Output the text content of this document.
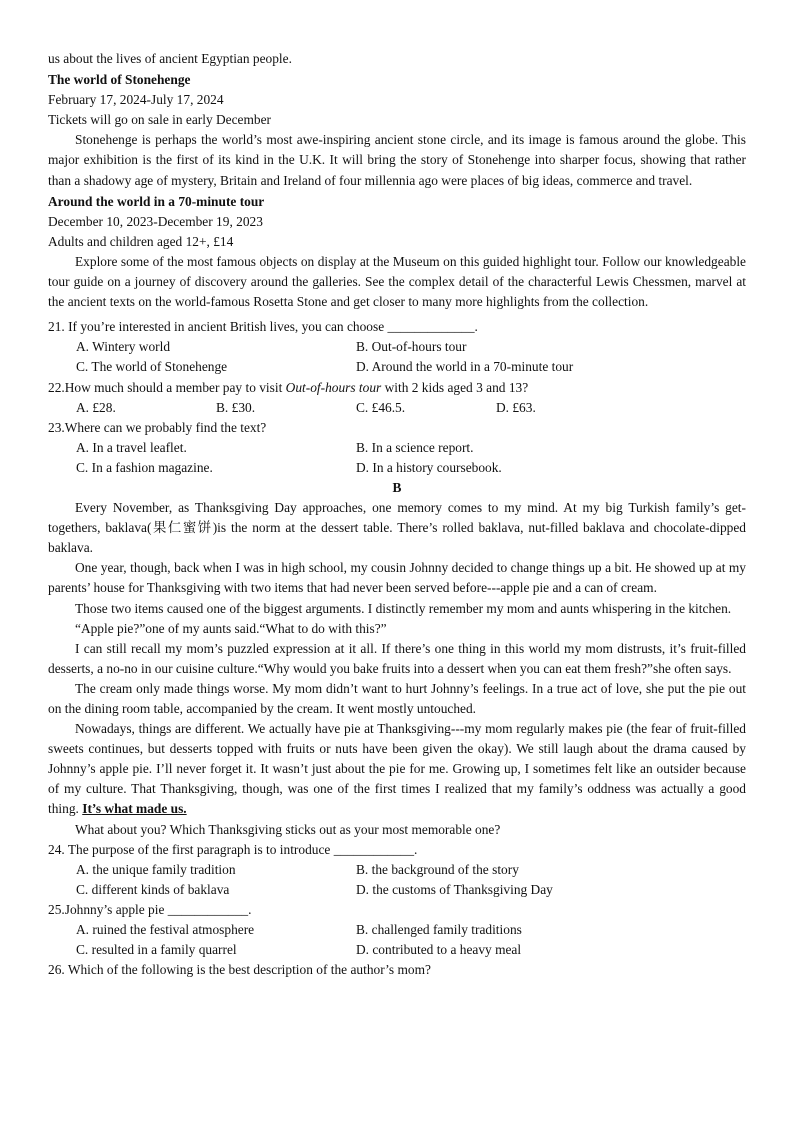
us about the lives of ancient Egyptian people.

The world of Stonehenge

February 17, 2024-July 17, 2024

Tickets will go on sale in early December

Stonehenge is perhaps the world’s most awe-inspiring ancient stone circle, and its image is famous around the globe. This major exhibition is the first of its kind in the U.K. It will bring the story of Stonehenge into sharper focus, showing that rather than a shadowy age of mystery, Britain and Ireland of four millennia ago were places of big ideas, commerce and travel.

Around the world in a 70-minute tour

December 10, 2023-December 19, 2023

Adults and children aged 12+, £14

Explore some of the most famous objects on display at the Museum on this guided highlight tour. Follow our knowledgeable tour guide on a journey of discovery around the galleries. See the complex detail of the characterful Lewis Chessmen, marvel at the ancient texts on the world-famous Rosetta Stone and get closer to many more highlights from the collection.

21. If you’re interested in ancient British lives, you can choose _____________.

A. Wintery world	B. Out-of-hours tour
C. The world of Stonehenge	D. Around the world in a 70-minute tour

22.How much should a member pay to visit Out-of-hours tour with 2 kids aged 3 and 13?

A. £28.	B. £30.	C. £46.5.	D. £63.

23.Where can we probably find the text?

A. In a travel leaflet.	B. In a science report.
C. In a fashion magazine.	D. In a history coursebook.

B

Every November, as Thanksgiving Day approaches, one memory comes to my mind. At my big Turkish family’s get-togethers, baklava(果仁蜜饼)is the norm at the dessert table. There’s rolled baklava, nut-filled baklava and chocolate-dipped baklava.

One year, though, back when I was in high school, my cousin Johnny decided to change things up a bit. He showed up at my parents’ house for Thanksgiving with two items that had never been served before---apple pie and a can of cream.

Those two items caused one of the biggest arguments. I distinctly remember my mom and aunts whispering in the kitchen.

“Apple pie?”one of my aunts said.“What to do with this?”

I can still recall my mom’s puzzled expression at it all. If there’s one thing in this world my mom distrusts, it’s fruit-filled desserts, a no-no in our cuisine culture.“Why would you bake fruits into a dessert when you can eat them fresh?”she often says.

The cream only made things worse. My mom didn’t want to hurt Johnny’s feelings. In a true act of love, she put the pie out on the dining room table, accompanied by the cream. It went mostly untouched.

Nowadays, things are different. We actually have pie at Thanksgiving---my mom regularly makes pie (the fear of fruit-filled sweets continues, but desserts topped with fruits or nuts have been given the okay). We still laugh about the drama caused by Johnny’s apple pie. I’ll never forget it. It wasn’t just about the pie for me. Growing up, I sometimes felt like an outsider because of my culture. That Thanksgiving, though, was one of the first times I realized that my family’s oddness was actually a good thing. It’s what made us.

What about you? Which Thanksgiving sticks out as your most memorable one?

24. The purpose of the first paragraph is to introduce ____________.

A. the unique family tradition	B. the background of the story
C. different kinds of baklava	D. the customs of Thanksgiving Day

25.Johnny’s apple pie ____________.

A. ruined the festival atmosphere	B. challenged family traditions
C. resulted in a family quarrel	D. contributed to a heavy meal

26. Which of the following is the best description of the author’s mom?
